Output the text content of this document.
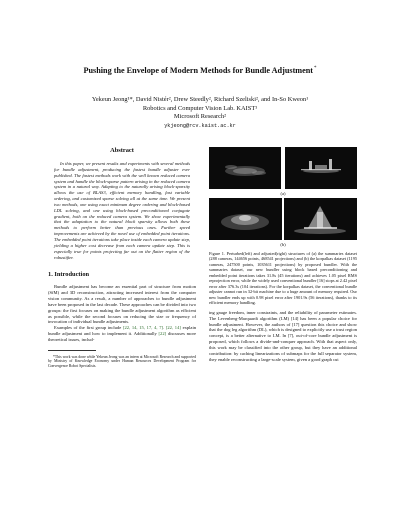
Pushing the Envelope of Modern Methods for Bundle Adjustment*
Yekeun Jeong¹*, David Nistér², Drew Steedly², Richard Szeliski², and In-So Kweon¹
Robotics and Computer Vision Lab. KAIST¹
Microsoft Research²
ykjeong@rcv.kaist.ac.kr
Abstract

In this paper, we present results and experiments with several methods for bundle adjustment, producing the fastest bundle adjuster ever published. The fastest methods work with the well known reduced camera system and handle the block-sparse pattern arising in the reduced camera system in a natural way. Adapting to the naturally arising block-sparsity allows the use of BLAS3, efficient memory handling, fast variable ordering, and customized sparse solving all at the same time. We present two methods, one using exact minimum degree ordering and block-based LDL solving, and one using block-based preconditioned conjugate gradient, both on the reduced camera system. We show experimentally that the adaptation to the natural block sparsity allows both these methods to perform better than previous ones. Further speed improvements are achieved by the novel use of embedded point iterations. The embedded point iterations take place inside each camera update step, yielding a higher cost decrease from each camera update step. This is especially true for points projecting far out on the flatter region of the robustifier.

1. Introduction

Bundle adjustment has become an essential part of structure from motion (SfM) and 3D reconstruction, attracting increased interest from the computer vision community. As a result, a number of approaches to bundle adjustment have been proposed in the last decade. These approaches can be divided into two groups: the first focuses on making the bundle adjustment algorithm as efficient as possible, while the second focuses on reducing the size or frequency of invocation of individual bundle adjustments.

Examples of the first group include [22, 14, 15, 17, 4, 7]. [22, 14] explain bundle adjustment and how to implement it. Additionally [22] discusses more theoretical issues, includ-

*This work was done while Yekeun Jeong was an intern at Microsoft Research and supported by Ministry of Knowledge Economy under Human Resources Development Program for Convergence Robot Specialists.

(a)
(b)

Figure 1. Perturbed(left) and adjusted(right) structures of (a) the summaries dataset (288 cameras, 144656 points, 468541 projections) and (b) the korpalkas dataset (1195 cameras, 247500 points, 1035611 projections) by proposed bundler. With the summaries dataset, our new bundler using block based preconditioning and embedded point iterations takes 31.8s (45 iterations) and achieves 1.05 pixel RMS reprojection error, while the widely used conventional bundler [16] stops at 2.42 pixel error after 376.3s (104 iterations). For the korpalkas dataset, the conventional bundle adjuster cannot run in 32-bit machine due to a huge amount of memory required. Our new bundler ends up with 0.98 pixel error after 1901.9s (56 iterations), thanks to its efficient memory handling.

ing gauge freedom, inner constraints, and the reliability of parameter estimates. The Levenberg-Marquardt algorithm (LM) [14] has been a popular choice for bundle adjustment. However, the authors of [17] question this choice and show that the dog leg algorithm (DL), which is designed to explicitly use a trust region concept, is a better alternative to LM. In [7], out-of-core bundle adjustment is proposed, which follows a divide-and-conquer approach. With that aspect only, this work may be classified into the other group, but they have an additional contribution: by caching linearizations of submaps for the full separator system, they enable reconstructing a large-scale system, given a good graph cut
